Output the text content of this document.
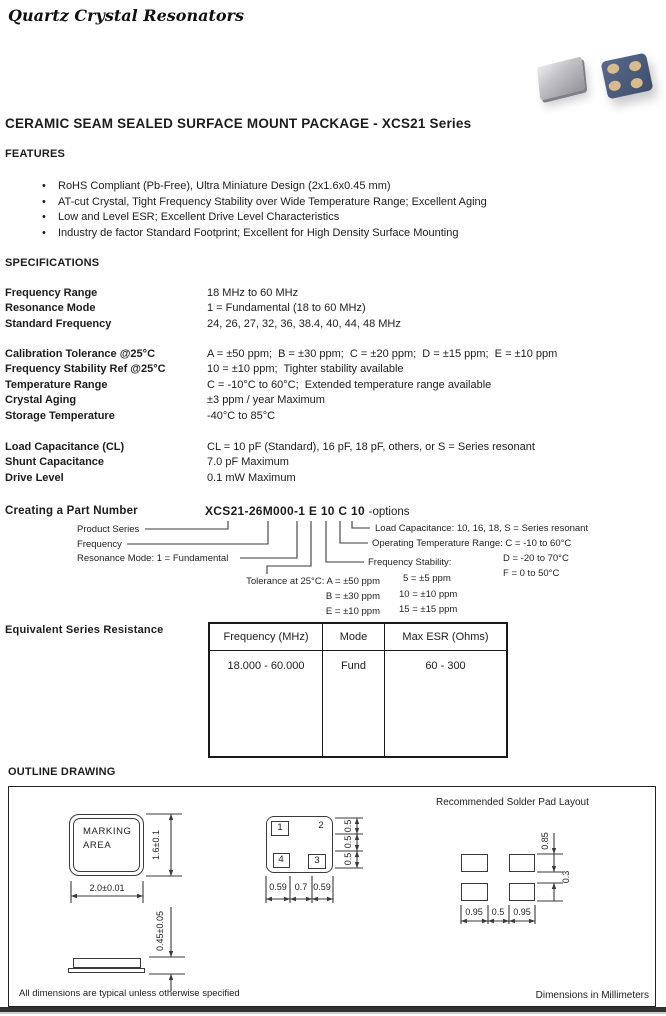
Quartz Crystal Resonators
CERAMIC SEAM SEALED SURFACE MOUNT PACKAGE - XCS21 Series
FEATURES
• RoHS Compliant (Pb-Free), Ultra Miniature Design (2x1.6x0.45 mm)
• AT-cut Crystal, Tight Frequency Stability over Wide Temperature Range; Excellent Aging
• Low and Level ESR; Excellent Drive Level Characteristics
• Industry de factor Standard Footprint; Excellent for High Density Surface Mounting
SPECIFICATIONS
Frequency Range	18 MHz to 60 MHz
Resonance Mode	1 = Fundamental (18 to 60 MHz)
Standard Frequency	24, 26, 27, 32, 36, 38.4, 40, 44, 48 MHz
Calibration Tolerance @25°C	A = ±50 ppm;  B = ±30 ppm;  C = ±20 ppm;  D = ±15 ppm;  E = ±10 ppm
Frequency Stability Ref @25°C	10 = ±10 ppm;  Tighter stability available
Temperature Range	C = -10°C to 60°C;  Extended temperature range available
Crystal Aging	±3 ppm / year Maximum
Storage Temperature	-40°C to 85°C
Load Capacitance (CL)	CL = 10 pF (Standard), 16 pF, 18 pF, others, or S = Series resonant
Shunt Capacitance	7.0 pF Maximum
Drive Level	0.1 mW Maximum
Creating a Part Number	XCS21-26M000-1 E 10 C 10 -options
Product Series
Frequency
Resonance Mode: 1 = Fundamental
Tolerance at 25°C: A = ±50 ppm
B = ±30 ppm
E = ±10 ppm
Frequency Stability:
5 = ±5 ppm
10 = ±10 ppm
15 = ±15 ppm
Load Capacitance: 10, 16, 18, S = Series resonant
Operating Temperature Range: C = -10 to 60°C
D = -20 to 70°C
F = 0 to 50°C
Equivalent Series Resistance
Frequency (MHz)	Mode	Max ESR (Ohms)
18.000 - 60.000	Fund	60 - 300
OUTLINE DRAWING
MARKING
AREA	1.6±0.1
2.0±0.01
1	2
4	3
0.5
0.5
0.5
0.59 0.7 0.59
Recommended Solder Pad Layout
0.85
0.3
0.95 0.5 0.95
0.45±0.05
All dimensions are typical unless otherwise specified	Dimensions in Millimeters
